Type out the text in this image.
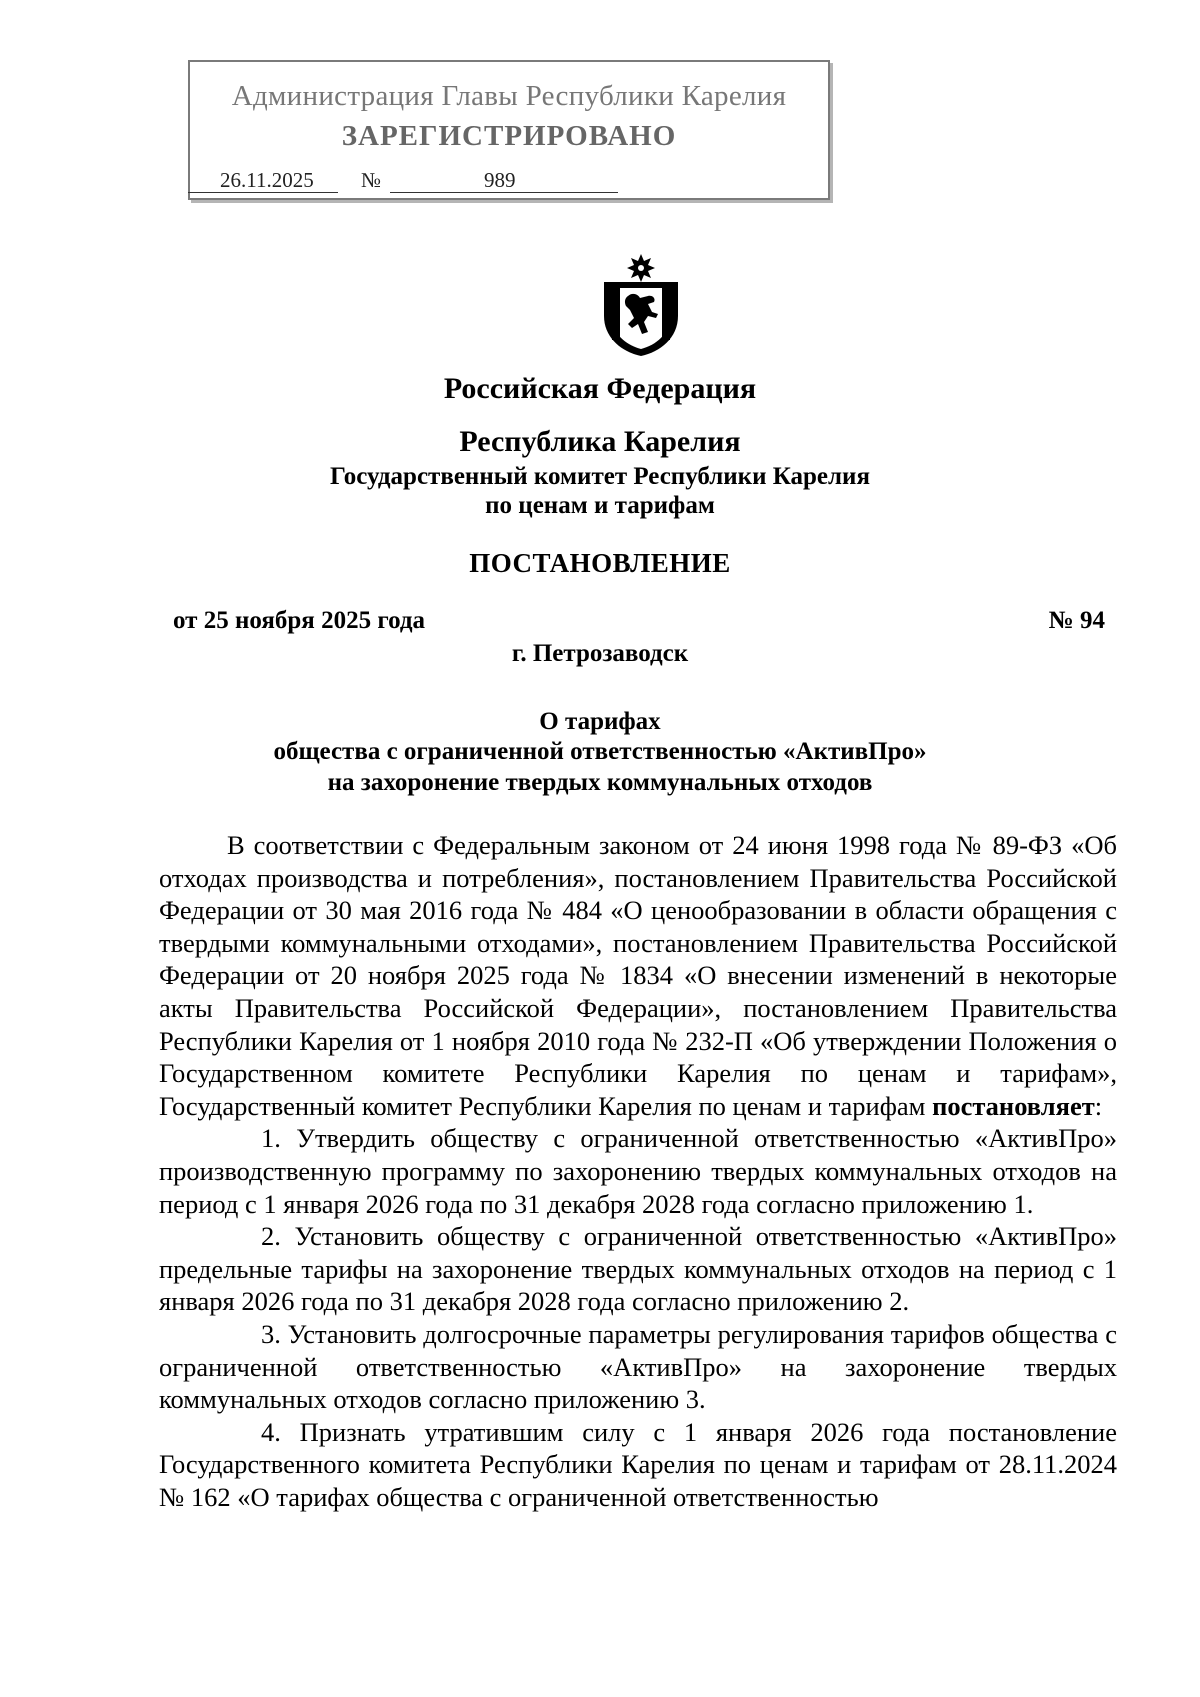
Администрация Главы Республики Карелия
ЗАРЕГИСТРИРОВАНО
26.11.2025 №	989
Российская Федерация
Республика Карелия
Государственный комитет Республики Карелия
по ценам и тарифам
ПОСТАНОВЛЕНИЕ
от 25 ноября 2025 года	№ 94
г. Петрозаводск
О тарифах
общества с ограниченной ответственностью «АктивПро»
на захоронение твердых коммунальных отходов

В соответствии с Федеральным законом от 24 июня 1998 года № 89-ФЗ «Об отходах производства и потребления», постановлением Правительства Российской Федерации от 30 мая 2016 года № 484 «О ценообразовании в области обращения с твердыми коммунальными отходами», постановлением Правительства Российской Федерации от 20 ноября 2025 года № 1834 «О внесении изменений в некоторые акты Правительства Российской Федерации», постановлением Правительства Республики Карелия от 1 ноября 2010 года № 232-П «Об утверждении Положения о Государственном комитете Республики Карелия по ценам и тарифам», Государственный комитет Республики Карелия по ценам и тарифам постановляет:

1. Утвердить обществу с ограниченной ответственностью «АктивПро» производственную программу по захоронению твердых коммунальных отходов на период с 1 января 2026 года по 31 декабря 2028 года согласно приложению 1.

2. Установить обществу с ограниченной ответственностью «АктивПро» предельные тарифы на захоронение твердых коммунальных отходов на период с 1 января 2026 года по 31 декабря 2028 года согласно приложению 2.

3. Установить долгосрочные параметры регулирования тарифов общества с ограниченной ответственностью «АктивПро» на захоронение твердых коммунальных отходов согласно приложению 3.

4. Признать утратившим силу с 1 января 2026 года постановление Государственного комитета Республики Карелия по ценам и тарифам от 28.11.2024 № 162 «О тарифах общества с ограниченной ответственностью
